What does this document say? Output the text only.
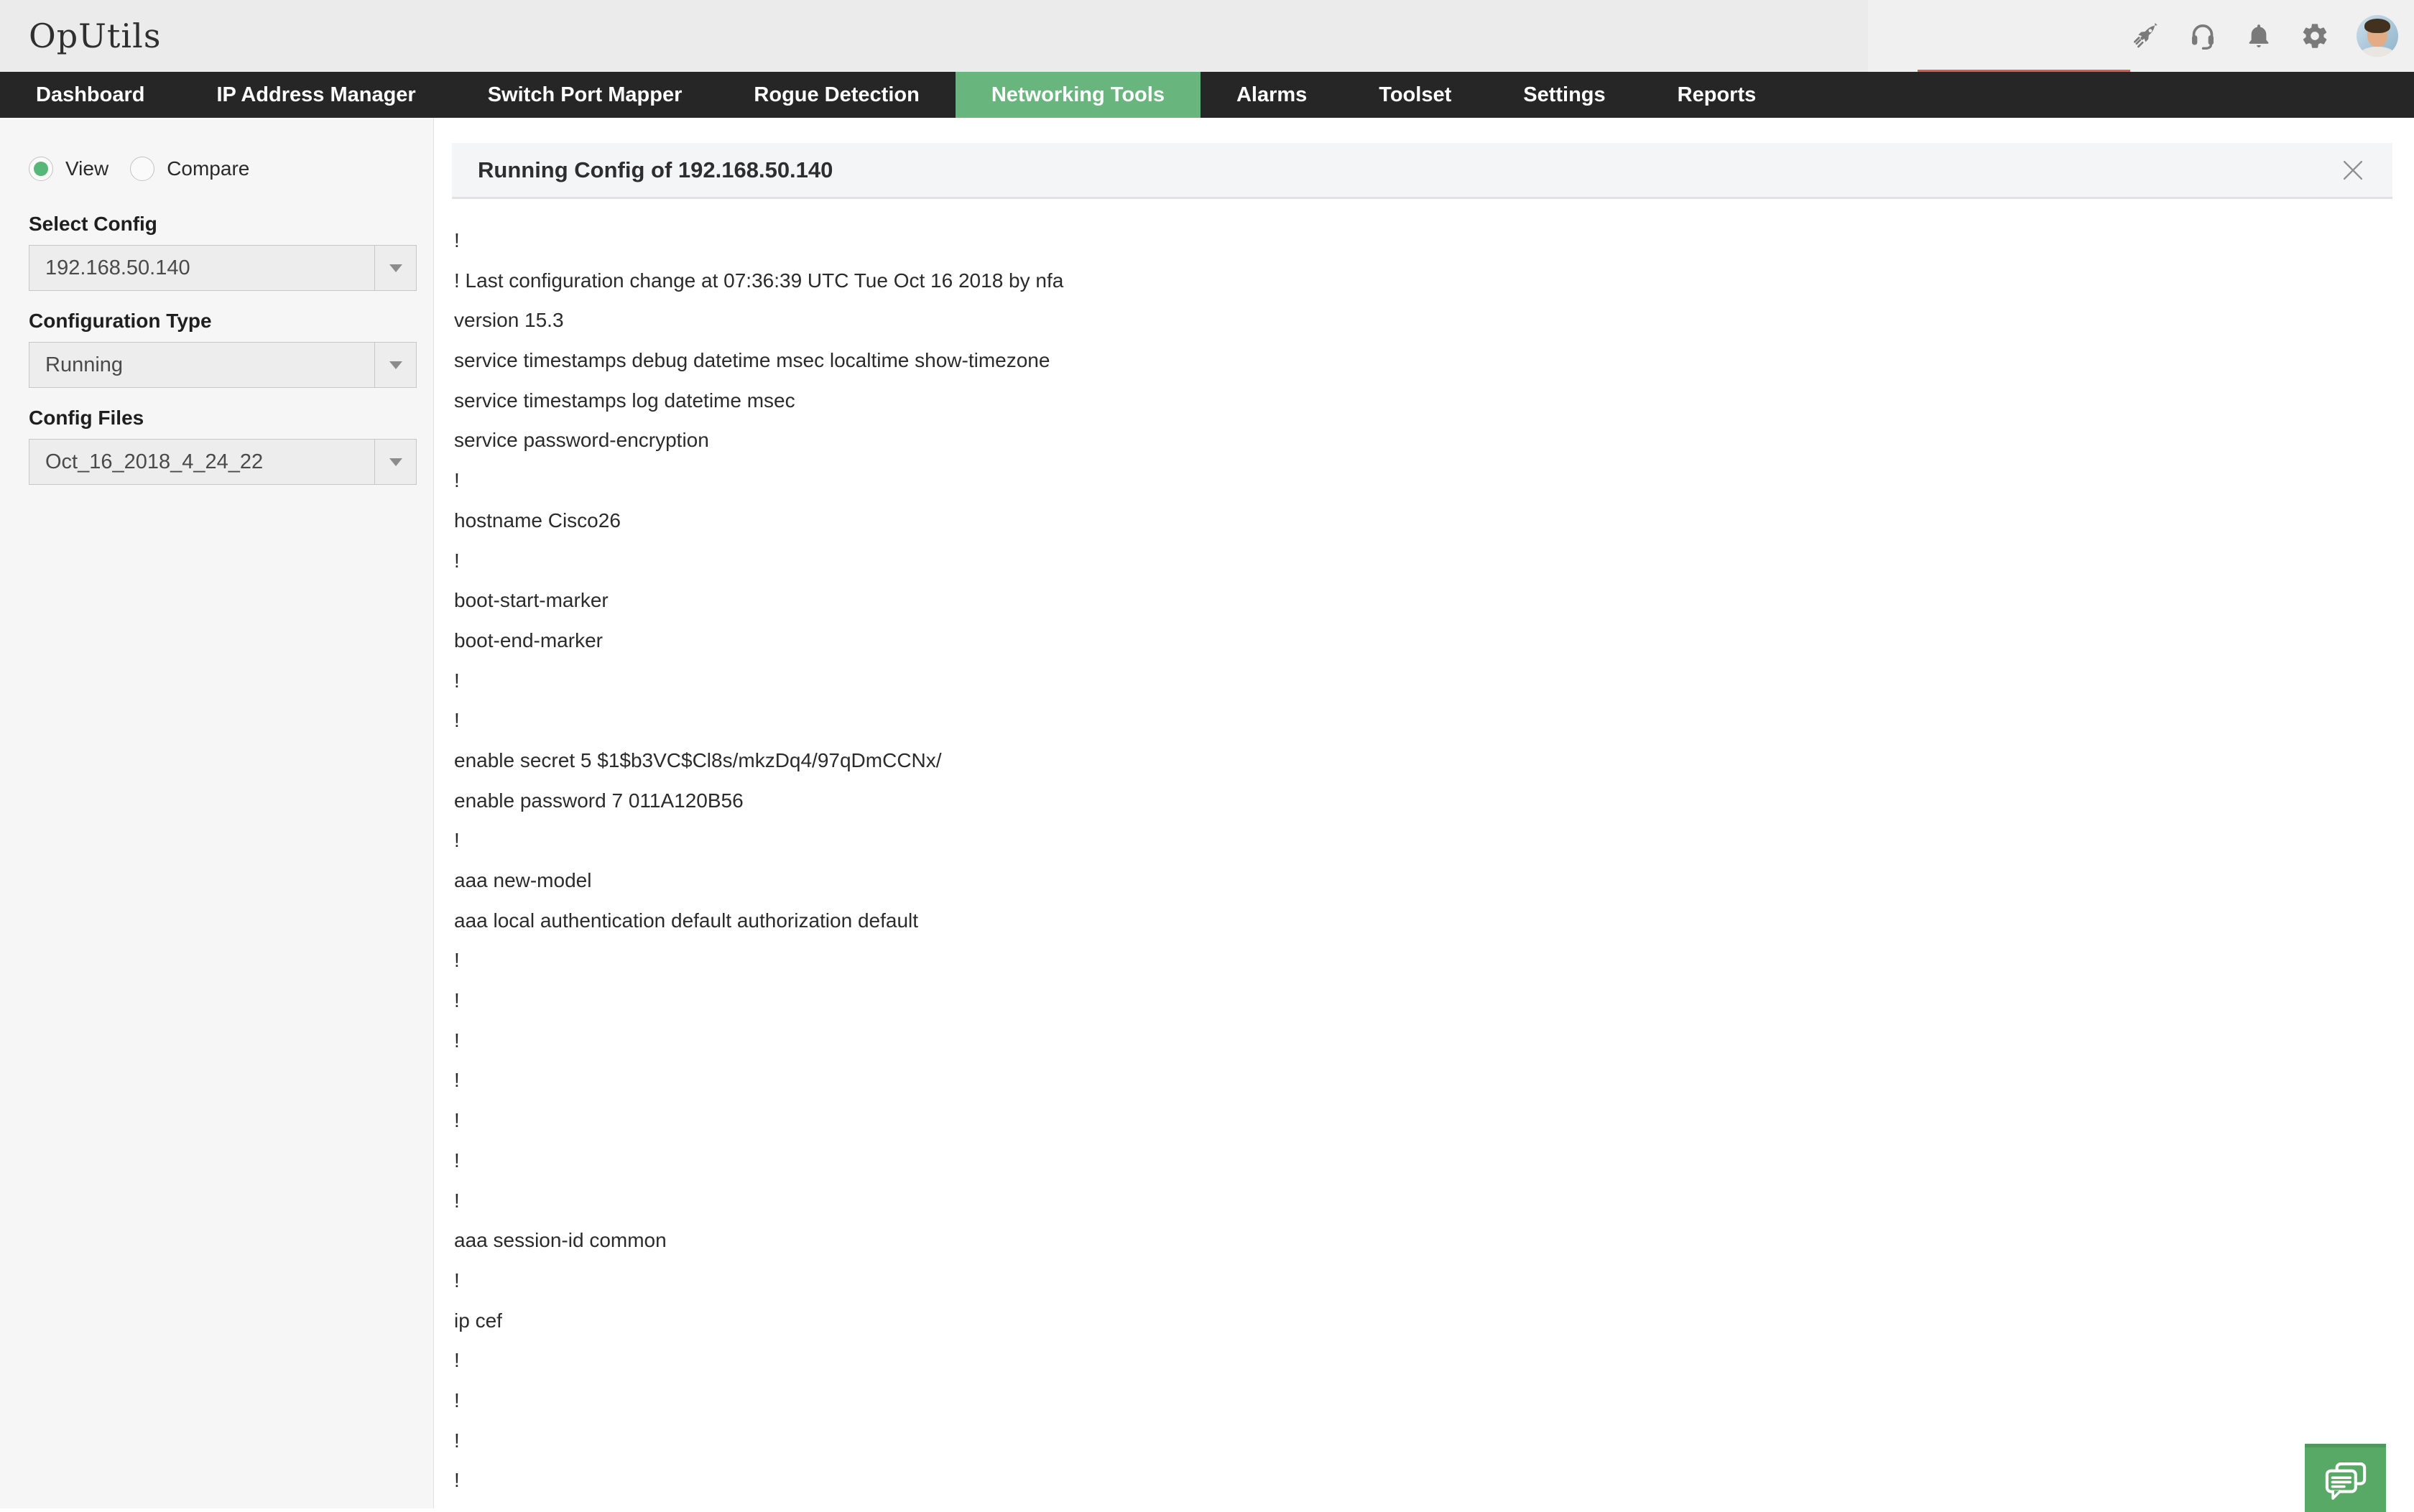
OpUtils
Dashboard	IP Address Manager	Switch Port Mapper	Rogue Detection	Networking Tools	Alarms	Toolset	Settings	Reports
View	Compare
Select Config
192.168.50.140
Configuration Type
Running
Config Files
Oct_16_2018_4_24_22
Running Config of 192.168.50.140
!
! Last configuration change at 07:36:39 UTC Tue Oct 16 2018 by nfa
version 15.3
service timestamps debug datetime msec localtime show-timezone
service timestamps log datetime msec
service password-encryption
!
hostname Cisco26
!
boot-start-marker
boot-end-marker
!
!
enable secret 5 $1$b3VC$Cl8s/mkzDq4/97qDmCCNx/
enable password 7 011A120B56
!
aaa new-model
aaa local authentication default authorization default
!
!
!
!
!
!
!
aaa session-id common
!
ip cef
!
!
!
!
